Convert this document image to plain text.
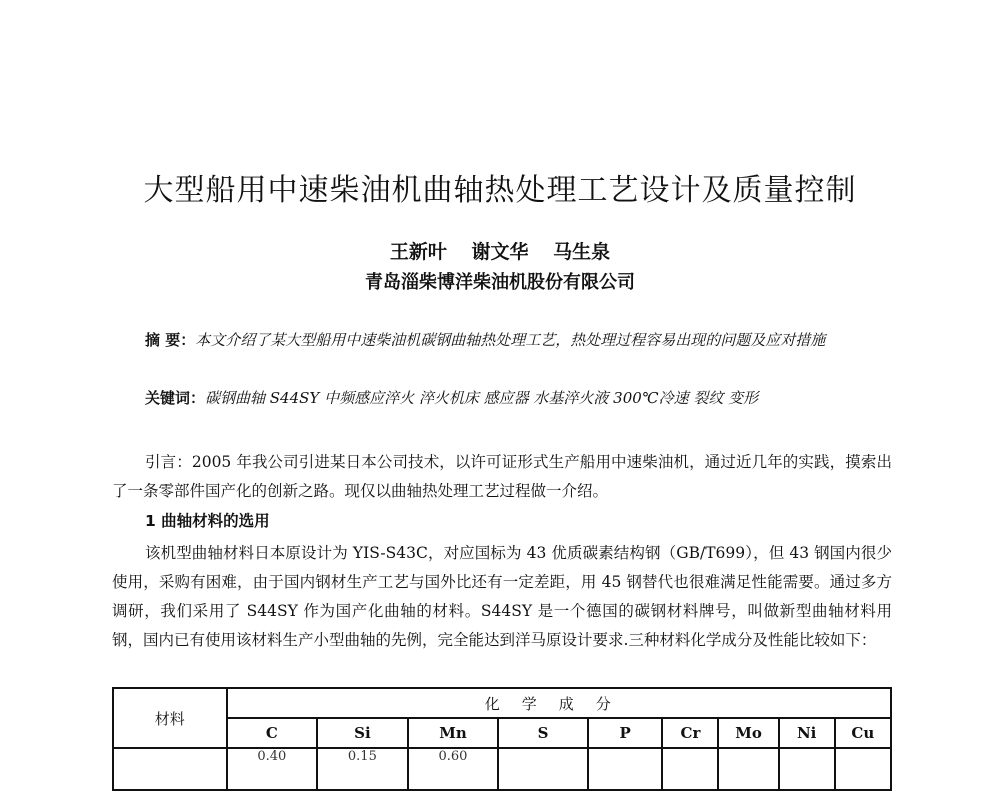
大型船用中速柴油机曲轴热处理工艺设计及质量控制
王新叶 谢文华 马生泉
青岛淄柴博洋柴油机股份有限公司
摘 要：本文介绍了某大型船用中速柴油机碳钢曲轴热处理工艺，热处理过程容易出现的问题及应对措施
关键词：碳钢曲轴 S44SY 中频感应淬火 淬火机床 感应器 水基淬火液 300℃冷速 裂纹 变形
引言：2005 年我公司引进某日本公司技术，以许可证形式生产船用中速柴油机，通过近几年的实践，摸索出了一条零部件国产化的创新之路。现仅以曲轴热处理工艺过程做一介绍。
1 曲轴材料的选用
该机型曲轴材料日本原设计为 YIS-S43C，对应国标为 43 优质碳素结构钢（GB/T699），但 43 钢国内很少使用，采购有困难，由于国内钢材生产工艺与国外比还有一定差距，用 45 钢替代也很难满足性能需要。通过多方调研，我们采用了 S44SY 作为国产化曲轴的材料。S44SY 是一个德国的碳钢材料牌号，叫做新型曲轴材料用钢，国内已有使用该材料生产小型曲轴的先例，完全能达到洋马原设计要求.三种材料化学成分及性能比较如下：
材料	化学成分								
	C	Si	Mn	S	P	Cr	Mo	Ni	Cu
	0.40	0.15	0.60						
